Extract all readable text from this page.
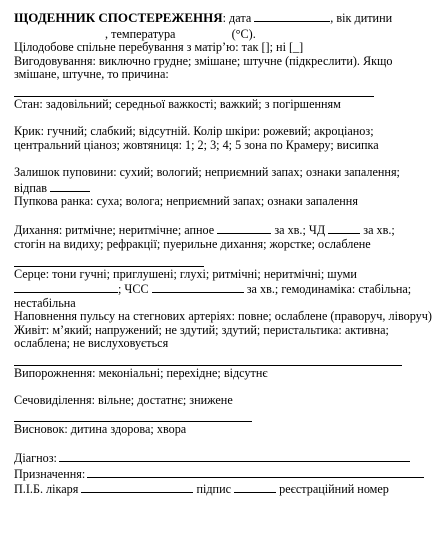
ЩОДЕННИК СПОСТЕРЕЖЕННЯ: дата	, вік дитини

, температура	(°С).

Цілодобове спільне перебування з матір’ю: так []; ні [_]

Вигодовування: виключно грудне; змішане; штучне (підкреслити). Якщо змішане, штучне, то причина:

Стан: задовільний; середньої важкості; важкий; з погіршенням

Крик: гучний; слабкий; відсутній. Колір шкіри: рожевий; акроціаноз; центральний ціаноз; жовтяниця: 1; 2; 3; 4; 5 зона по Крамеру; висипка

Залишок пуповини: сухий; вологий; неприємний запах; ознаки запалення;

відпав

Пупкова ранка: суха; волога; неприємний запах; ознаки запалення

Дихання: ритмічне; неритмічне; апное	за хв.; ЧД	за хв.;

стогін на видиху; рефракції; пуерильне дихання; жорстке; ослаблене

Серце: тони гучні; приглушені; глухі; ритмічні; неритмічні; шуми

; ЧСС	за хв.; гемодинаміка: стабільна;

нестабільна

Наповнення пульсу на стегнових артеріях: повне; ослаблене (праворуч, ліворуч)

Живіт: м’який; напружений; не здутий; здутий; перистальтика: активна; ослаблена; не вислуховується

Випорожнення: меконіальні; перехідне; відсутнє

Сечовиділення: вільне; достатнє; знижене

Висновок: дитина здорова; хвора

Діагноз:

Призначення:

П.І.Б. лікаря	підпис	реєстраційний номер
